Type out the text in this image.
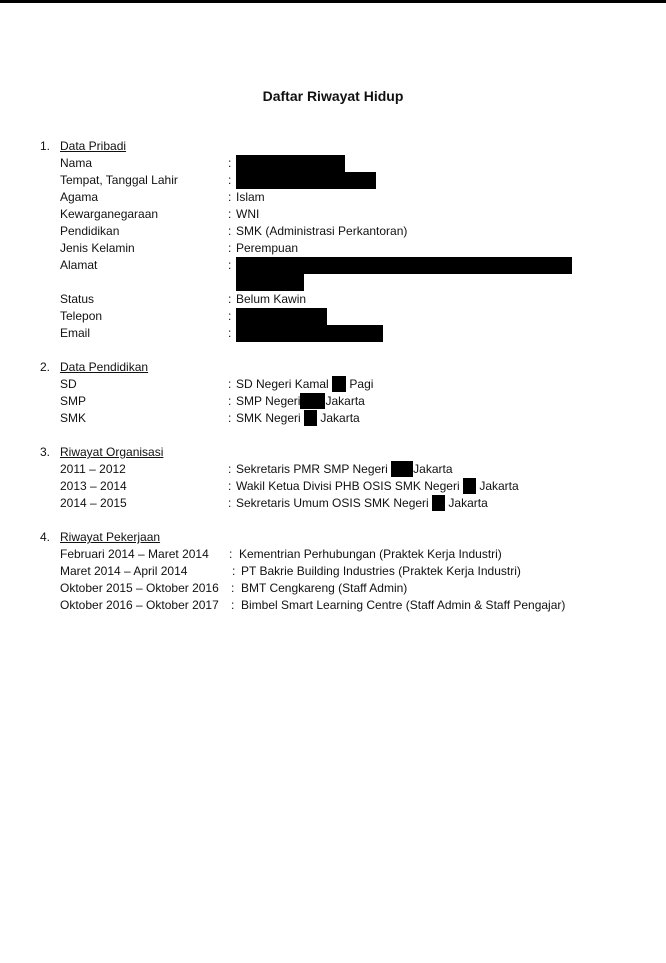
Daftar Riwayat Hidup
1. Data Pribadi
Nama	:
Tempat, Tanggal Lahir	:
Agama	: Islam
Kewarganegaraan	: WNI
Pendidikan	: SMK (Administrasi Perkantoran)
Jenis Kelamin	: Perempuan
Alamat	:
Status	: Belum Kawin
Telepon	:
Email	:
2. Data Pendidikan
SD	: SD Negeri Kamal Pagi
SMP	: SMP Negeri Jakarta
SMK	: SMK Negeri Jakarta
3. Riwayat Organisasi
2011 – 2012	: Sekretaris PMR SMP Negeri Jakarta
2013 – 2014	: Wakil Ketua Divisi PHB OSIS SMK Negeri Jakarta
2014 – 2015	: Sekretaris Umum OSIS SMK Negeri Jakarta
4. Riwayat Pekerjaan
Februari 2014 – Maret 2014 : Kementrian Perhubungan (Praktek Kerja Industri)
Maret 2014 – April 2014	: PT Bakrie Building Industries (Praktek Kerja Industri)
Oktober 2015 – Oktober 2016 : BMT Cengkareng (Staff Admin)
Oktober 2016 – Oktober 2017 : Bimbel Smart Learning Centre (Staff Admin & Staff Pengajar)
